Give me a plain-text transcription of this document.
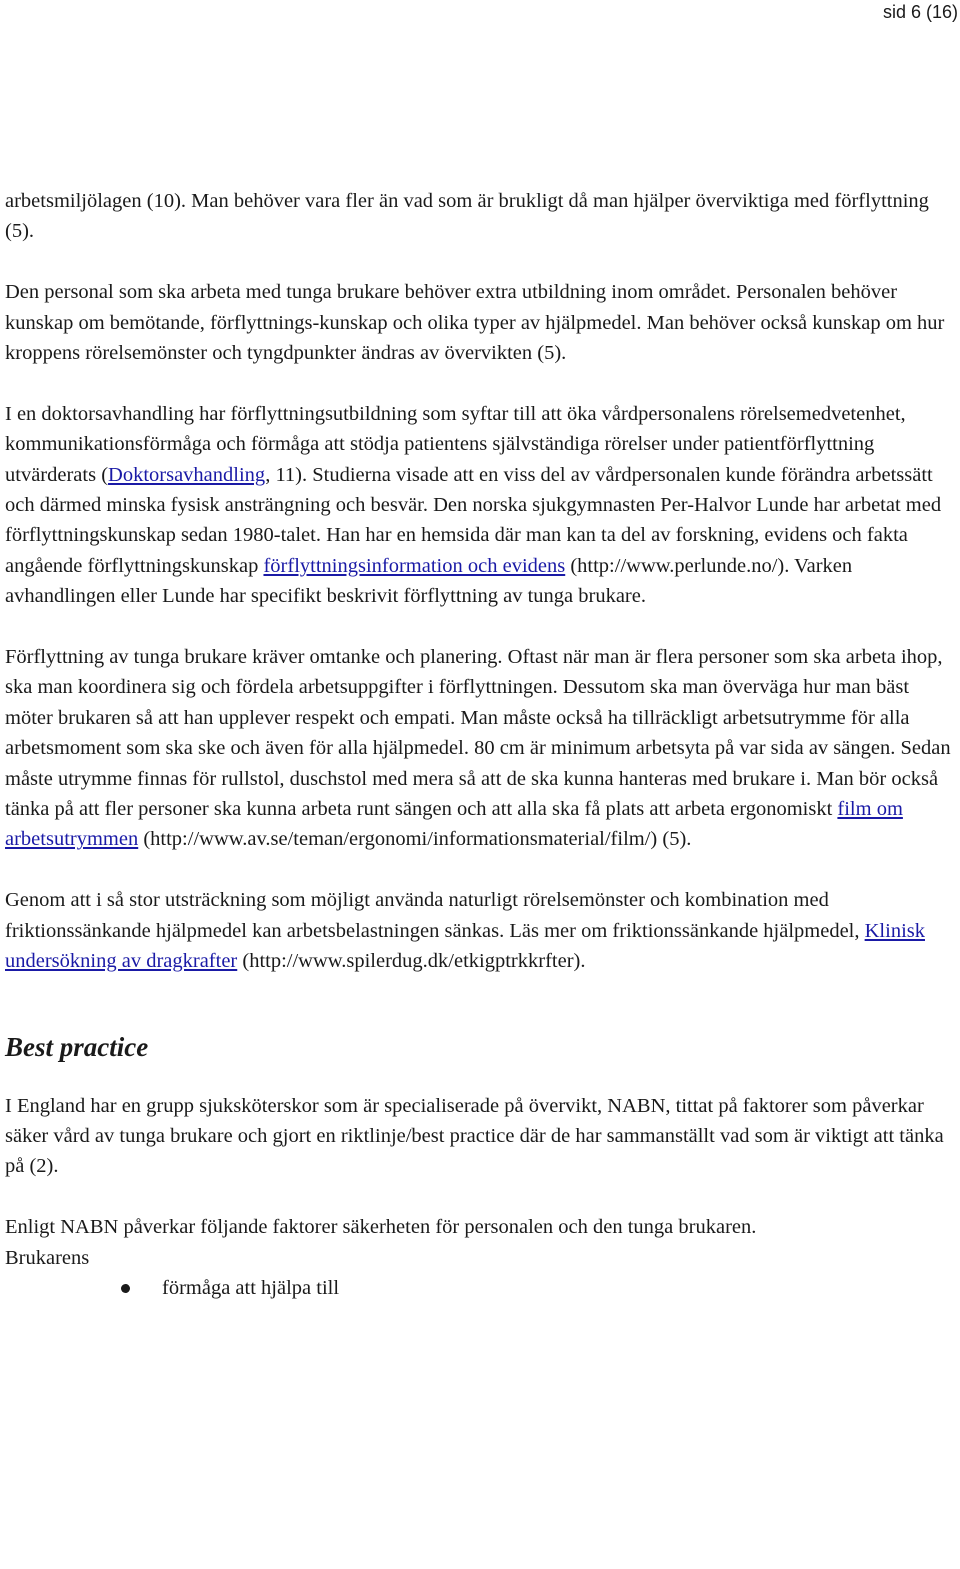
sid 6 (16)

arbetsmiljölagen (10). Man behöver vara fler än vad som är brukligt då man hjälper överviktiga med förflyttning (5).

Den personal som ska arbeta med tunga brukare behöver extra utbildning inom området. Personalen behöver kunskap om bemötande, förflyttnings-kunskap och olika typer av hjälpmedel. Man behöver också kunskap om hur kroppens rörelsemönster och tyngdpunkter ändras av övervikten (5).

I en doktorsavhandling har förflyttningsutbildning som syftar till att öka vårdpersonalens rörelsemedvetenhet, kommunikationsförmåga och förmåga att stödja patientens självständiga rörelser under patientförflyttning utvärderats (Doktorsavhandling, 11). Studierna visade att en viss del av vårdpersonalen kunde förändra arbetssätt och därmed minska fysisk ansträngning och besvär. Den norska sjukgymnasten Per-Halvor Lunde har arbetat med förflyttningskunskap sedan 1980-talet. Han har en hemsida där man kan ta del av forskning, evidens och fakta angående förflyttningskunskap förflyttningsinformation och evidens (http://www.perlunde.no/). Varken avhandlingen eller Lunde har specifikt beskrivit förflyttning av tunga brukare.

Förflyttning av tunga brukare kräver omtanke och planering. Oftast när man är flera personer som ska arbeta ihop, ska man koordinera sig och fördela arbetsuppgifter i förflyttningen. Dessutom ska man överväga hur man bäst möter brukaren så att han upplever respekt och empati. Man måste också ha tillräckligt arbetsutrymme för alla arbetsmoment som ska ske och även för alla hjälpmedel. 80 cm är minimum arbetsyta på var sida av sängen. Sedan måste utrymme finnas för rullstol, duschstol med mera så att de ska kunna hanteras med brukare i. Man bör också tänka på att fler personer ska kunna arbeta runt sängen och att alla ska få plats att arbeta ergonomiskt film om arbetsutrymmen (http://www.av.se/teman/ergonomi/informationsmaterial/film/) (5).

Genom att i så stor utsträckning som möjligt använda naturligt rörelsemönster och kombination med friktionssänkande hjälpmedel kan arbetsbelastningen sänkas. Läs mer om friktionssänkande hjälpmedel, Klinisk undersökning av dragkrafter (http://www.spilerdug.dk/etkigptrkkrfter).

Best practice

I England har en grupp sjuksköterskor som är specialiserade på övervikt, NABN, tittat på faktorer som påverkar säker vård av tunga brukare och gjort en riktlinje/best practice där de har sammanställt vad som är viktigt att tänka på (2).

Enligt NABN påverkar följande faktorer säkerheten för personalen och den tunga brukaren.

Brukarens

förmåga att hjälpa till
